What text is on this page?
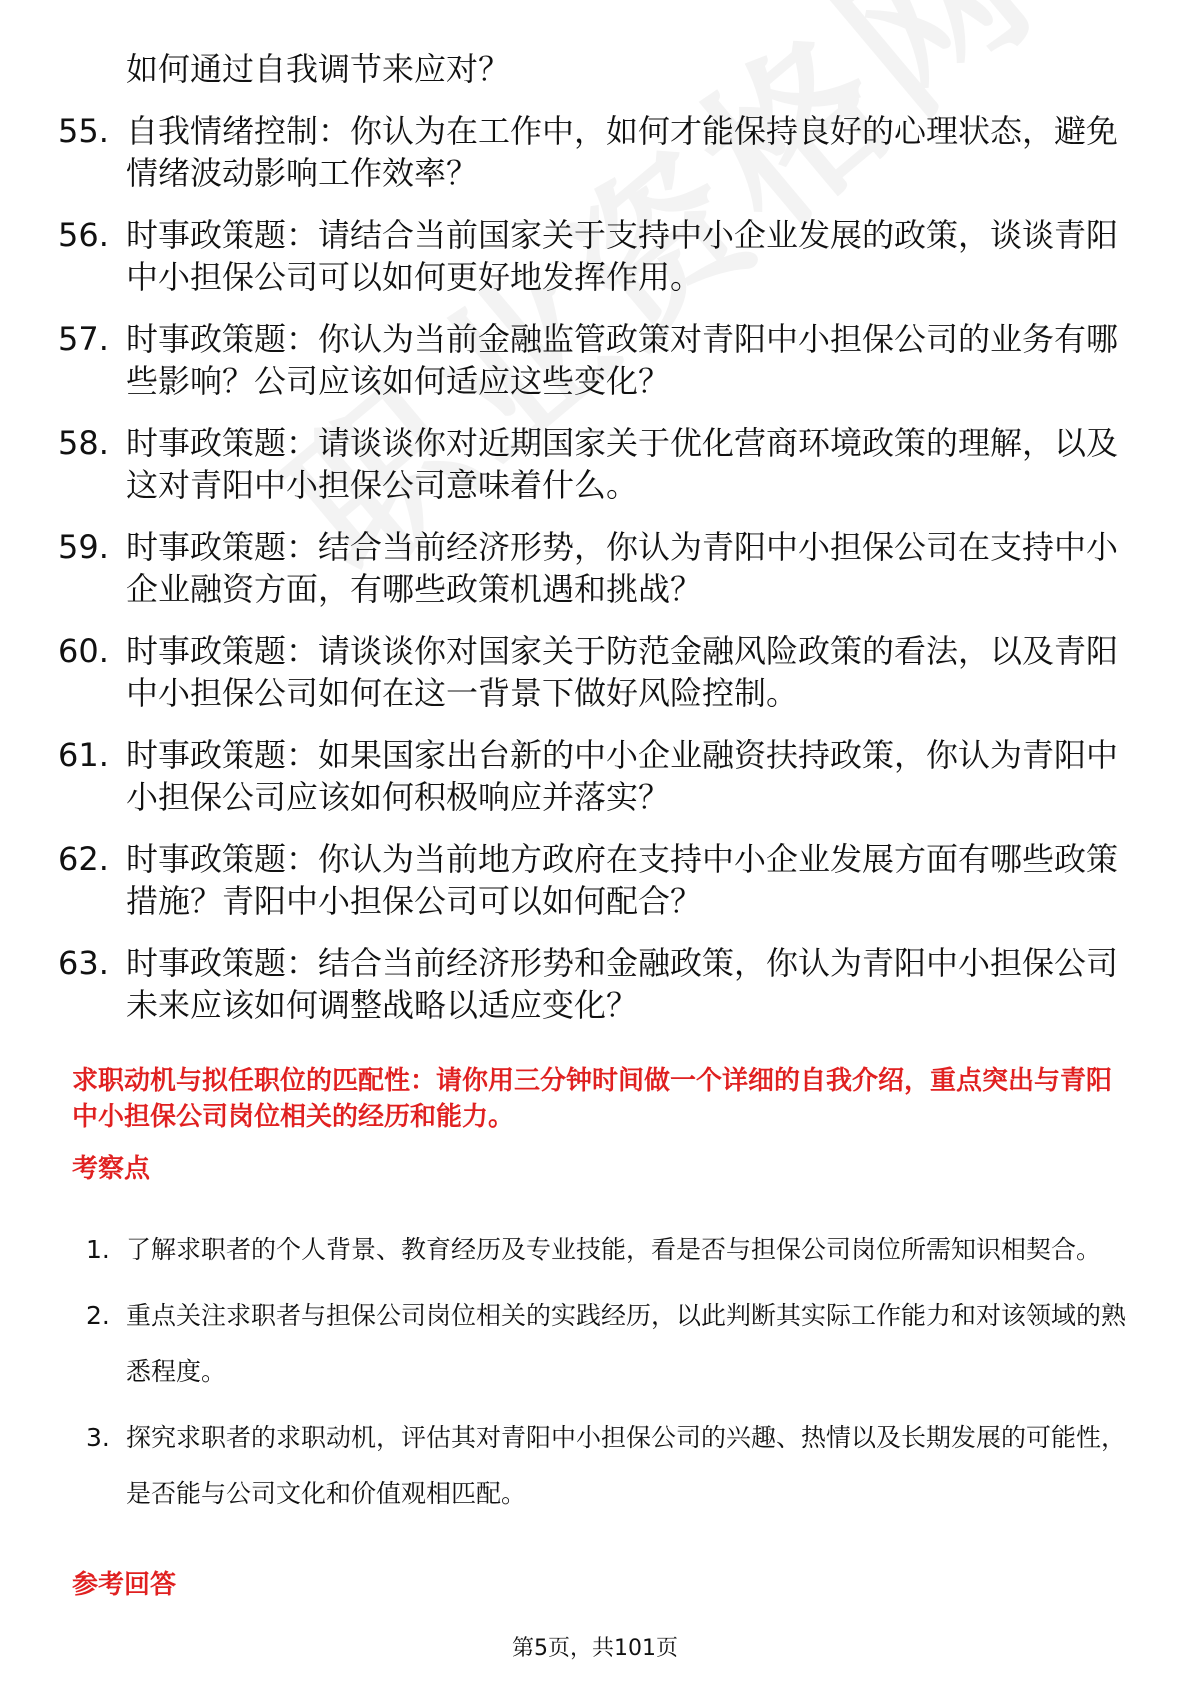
如何通过自我调节来应对？
55. 自我情绪控制：你认为在工作中，如何才能保持良好的心理状态，避免情绪波动影响工作效率？
56. 时事政策题：请结合当前国家关于支持中小企业发展的政策，谈谈青阳中小担保公司可以如何更好地发挥作用。
57. 时事政策题：你认为当前金融监管政策对青阳中小担保公司的业务有哪些影响？公司应该如何适应这些变化？
58. 时事政策题：请谈谈你对近期国家关于优化营商环境政策的理解，以及这对青阳中小担保公司意味着什么。
59. 时事政策题：结合当前经济形势，你认为青阳中小担保公司在支持中小企业融资方面，有哪些政策机遇和挑战？
60. 时事政策题：请谈谈你对国家关于防范金融风险政策的看法，以及青阳中小担保公司如何在这一背景下做好风险控制。
61. 时事政策题：如果国家出台新的中小企业融资扶持政策，你认为青阳中小担保公司应该如何积极响应并落实？
62. 时事政策题：你认为当前地方政府在支持中小企业发展方面有哪些政策措施？青阳中小担保公司可以如何配合？
63. 时事政策题：结合当前经济形势和金融政策，你认为青阳中小担保公司未来应该如何调整战略以适应变化？
求职动机与拟任职位的匹配性：请你用三分钟时间做一个详细的自我介绍，重点突出与青阳中小担保公司岗位相关的经历和能力。
考察点
1. 了解求职者的个人背景、教育经历及专业技能，看是否与担保公司岗位所需知识相契合。
2. 重点关注求职者与担保公司岗位相关的实践经历，以此判断其实际工作能力和对该领域的熟悉程度。
3. 探究求职者的求职动机，评估其对青阳中小担保公司的兴趣、热情以及长期发展的可能性，是否能与公司文化和价值观相匹配。
参考回答
第5页，共101页
